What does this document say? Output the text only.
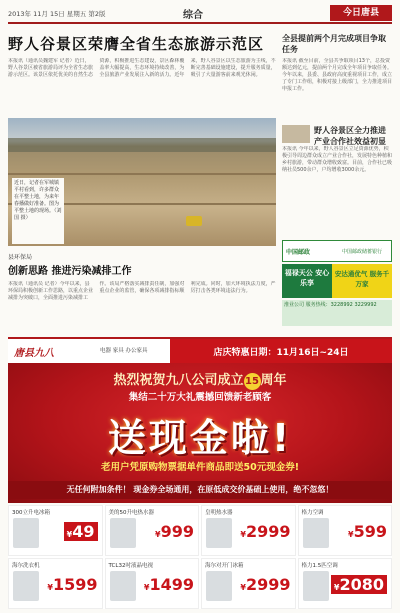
2013年 11月 15日 星期五 第2版	综合	今日唐县
野人谷景区荣膺全省生态旅游示范区
本报讯（通讯员魏建军 记者）近日，野人谷景区被省旅游局评为全省生态旅游示范区。该景区依托优美的自然生态资源，积极推进生态建设，景区森林覆盖率大幅提高，生态环境持续改善，为全县旅游产业发展注入新的活力。近年来，野人谷景区以生态旅游为主线，不断完善基础设施建设，提升服务质量，吸引了大量游客前来观光休闲。
近日，记者在军城镇平村看到，许多群众在平整土地，为来年春播做好准备。图为平整土地的现场。（刘国 摄）
全县提前两个月完成项目争取任务
本报讯 截至目前，全县共争取项目13个，总投资额达到亿元，提前两个月完成全年项目争取任务。今年以来，县委、县政府高度重视项目工作，成立了专门工作组，积极对接上级部门，全力推进项目申报工作。
野人谷景区全力推进产业合作社效益初显
本报讯 今年以来，野人谷景区立足资源优势，积极引导周边群众成立产业合作社，发展特色种植和乡村旅游，带动群众增收致富。目前，合作社已吸纳社员500余户，户均增收3000余元。
县环保局
创新思路 推进污染减排工作
本报讯（通讯员 记者）今年以来，县环保局积极创新工作思路，以重点企业减排为突破口，全面推进污染减排工作。该局严格落实减排责任制，加强对重点企业的监管，确保各项减排指标顺利完成。同时，加大环境执法力度，严厉打击各类环境违法行为。
中国邮政	中国邮政储蓄银行
福禄天公 安心乐享
安达通优气 服务千万家
淮业公司 服务热线：3228992 3229992
唐县九八	电器 家具 办公家具	店庆特惠日期：11月16日~24日
热烈祝贺九八公司成立 15 周年
集结二十万大礼震撼回馈新老顾客
送现金啦!
老用户凭原购物票据单件商品即送50元现金券!
无任何附加条件！ 现金券全场通用，在原低成交价基础上使用，绝不忽悠！
300立升电冰箱
¥49
美的50升电热水器
¥999
皇明热水器
¥2999
格力空调
¥599
海尔洗衣机
¥1599
TCL32吋液晶电视
¥1499
海尔对开门冰箱
¥2999
格力1.5匹空调
¥2080
